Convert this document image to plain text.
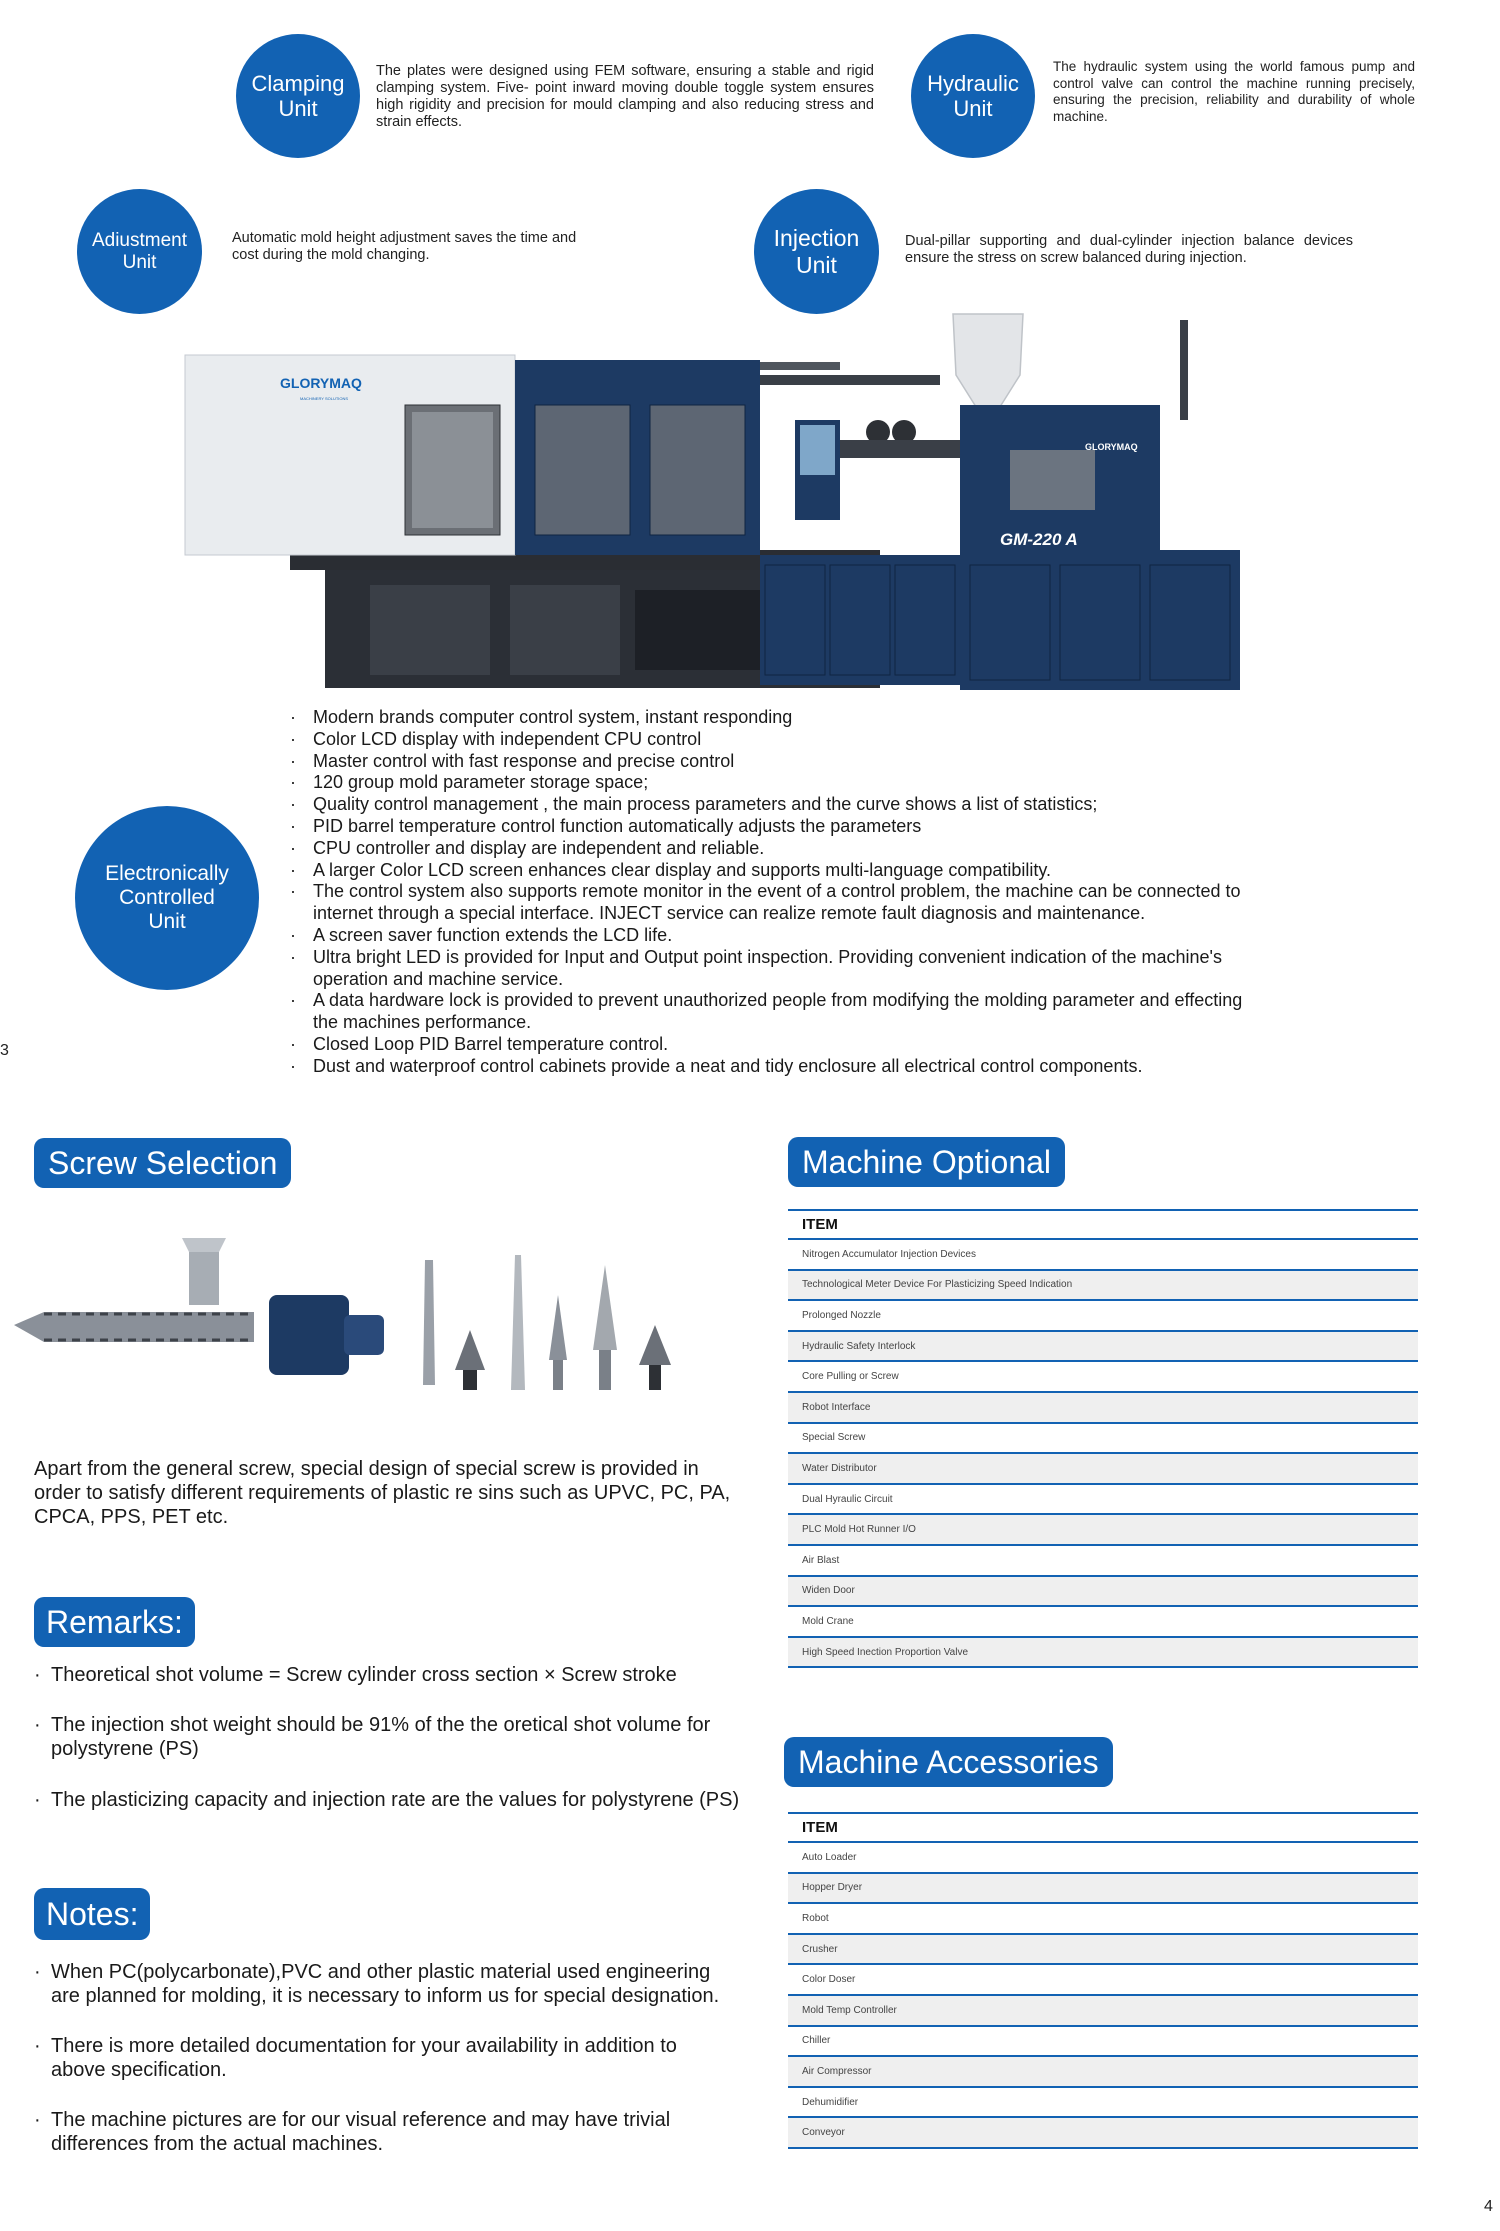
Clamping
Unit
The plates were designed using FEM software, ensuring a stable and rigid clamping system. Five- point inward moving double toggle system ensures high rigidity and precision for mould clamping and also reducing stress and strain effects.
Hydraulic
Unit
The hydraulic system using the world famous pump and control valve can control the machine running precisely, ensuring the precision, reliability and durability of whole machine.
Adiustment
Unit
Automatic mold height adjustment saves the time and cost during the mold changing.
Injection
Unit
Dual-pillar supporting and dual-cylinder injection balance devices ensure the stress on screw balanced during injection.
GLORYMAQ
MACHINERY SOLUTIONS
GLORYMAQ
GM-220 A
Electronically
Controlled
Unit
· Modern brands computer control system, instant responding
· Color LCD display with independent CPU control
· Master control with fast response and precise control
· 120 group mold parameter storage space;
· Quality control management , the main process parameters and the curve shows a list of statistics;
· PID barrel temperature control function automatically adjusts the parameters
· CPU controller and display are independent and reliable.
· A larger Color LCD screen enhances clear display and supports multi-language compatibility.
· The control system also supports remote monitor in the event of a control problem, the machine can be connected to internet through a special interface. INJECT service can realize remote fault diagnosis and maintenance.
· A screen saver function extends the LCD life.
· Ultra bright LED is provided for Input and Output point inspection. Providing convenient indication of the machine's operation and machine service.
· A data hardware lock is provided to prevent unauthorized people from modifying the molding parameter and effecting the machines performance.
· Closed Loop PID Barrel temperature control.
· Dust and waterproof control cabinets provide a neat and tidy enclosure all electrical control components.
3
Screw Selection
Apart from the general screw, special design of special screw is provided in order to satisfy different requirements of plastic re sins such as UPVC, PC, PA, CPCA, PPS, PET etc.
Remarks:
· Theoretical shot volume = Screw cylinder cross section × Screw stroke
· The injection shot weight should be 91% of the the oretical shot volume for polystyrene (PS)
· The plasticizing capacity and injection rate are the values for polystyrene (PS)
Notes:
· When PC(polycarbonate),PVC and other plastic material used engineering are planned for molding, it is necessary to inform us for special designation.
· There is more detailed documentation for your availability in addition to above specification.
· The machine pictures are for our visual reference and may have trivial differences from the actual machines.
Machine Optional
ITEM
Nitrogen Accumulator Injection Devices
Technological Meter Device For Plasticizing Speed Indication
Prolonged Nozzle
Hydraulic Safety Interlock
Core Pulling or Screw
Robot Interface
Special Screw
Water Distributor
Dual Hyraulic Circuit
PLC Mold Hot Runner I/O
Air Blast
Widen Door
Mold Crane
High Speed Inection Proportion Valve
Machine Accessories
ITEM
Auto Loader
Hopper Dryer
Robot
Crusher
Color Doser
Mold Temp Controller
Chiller
Air Compressor
Dehumidifier
Conveyor
4
